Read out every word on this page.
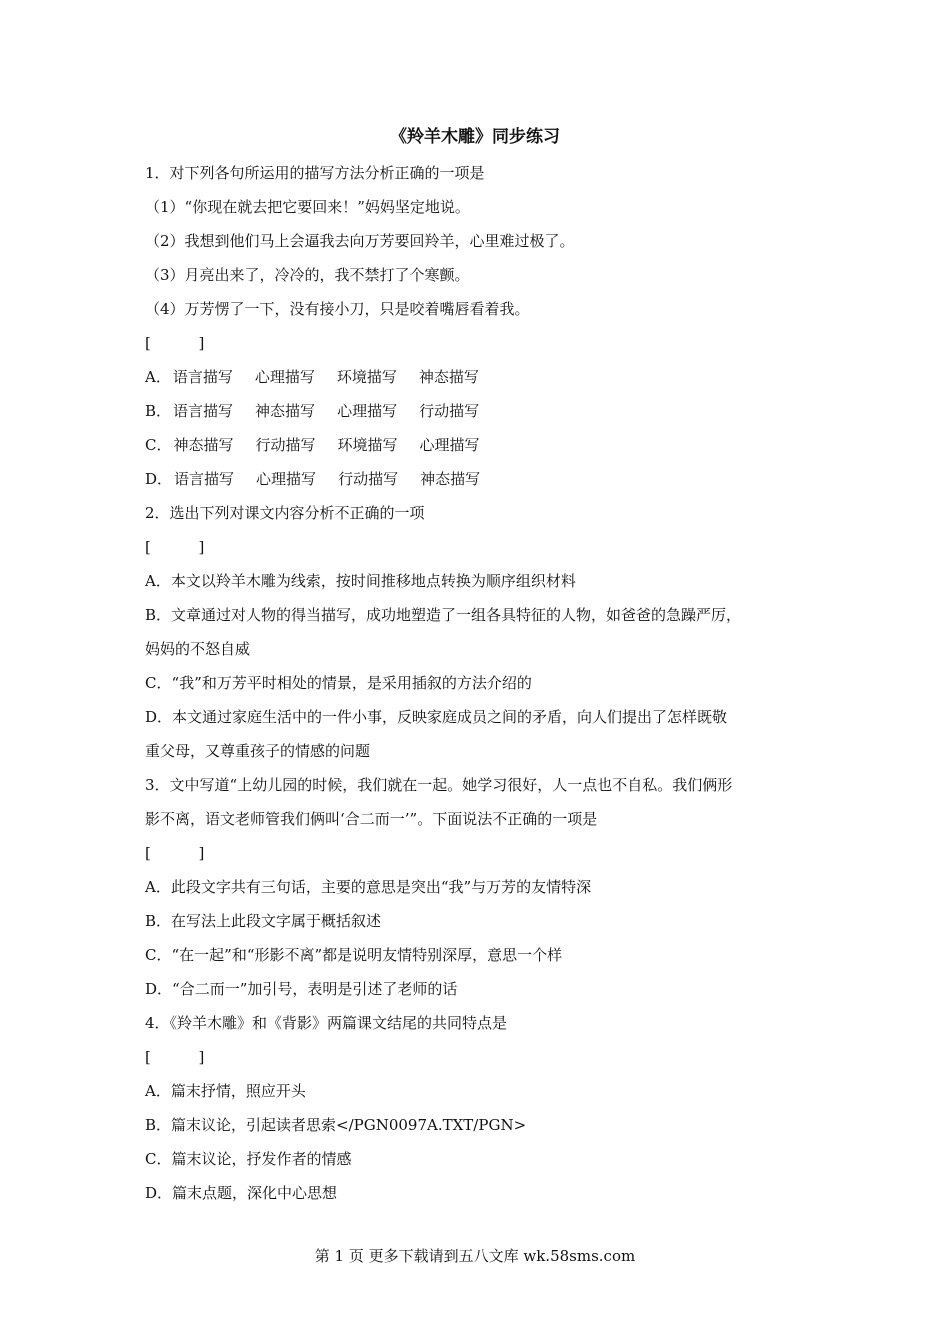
《羚羊木雕》同步练习
1．对下列各句所运用的描写方法分析正确的一项是
（1）“你现在就去把它要回来！”妈妈坚定地说。
（2）我想到他们马上会逼我去向万芳要回羚羊，心里难过极了。
（3）月亮出来了，冷冷的，我不禁打了个寒颤。
（4）万芳愣了一下，没有接小刀，只是咬着嘴唇看着我。
[          ]
A． 语言描写 心理描写 环境描写 神态描写
B． 语言描写 神态描写 心理描写 行动描写
C． 神态描写 行动描写 环境描写 心理描写
D． 语言描写 心理描写 行动描写 神态描写
2．选出下列对课文内容分析不正确的一项
[          ]
A．本文以羚羊木雕为线索，按时间推移地点转换为顺序组织材料
B．文章通过对人物的得当描写，成功地塑造了一组各具特征的人物，如爸爸的急躁严厉，
妈妈的不怒自威
C．“我”和万芳平时相处的情景，是采用插叙的方法介绍的
D．本文通过家庭生活中的一件小事，反映家庭成员之间的矛盾，向人们提出了怎样既敬
重父母，又尊重孩子的情感的问题
3．文中写道“上幼儿园的时候，我们就在一起。她学习很好，人一点也不自私。我们俩形
影不离，语文老师管我们俩叫‘合二而一’”。下面说法不正确的一项是
[          ]
A．此段文字共有三句话，主要的意思是突出“我”与万芳的友情特深
B．在写法上此段文字属于概括叙述
C．“在一起”和“形影不离”都是说明友情特别深厚，意思一个样
D．“合二而一”加引号，表明是引述了老师的话
4．《羚羊木雕》和《背影》两篇课文结尾的共同特点是
[          ]
A．篇末抒情，照应开头
B．篇末议论，引起读者思索</PGN0097A.TXT/PGN>
C．篇末议论，抒发作者的情感
D．篇末点题，深化中心思想
第 1 页 更多下载请到五八文库 wk.58sms.com
